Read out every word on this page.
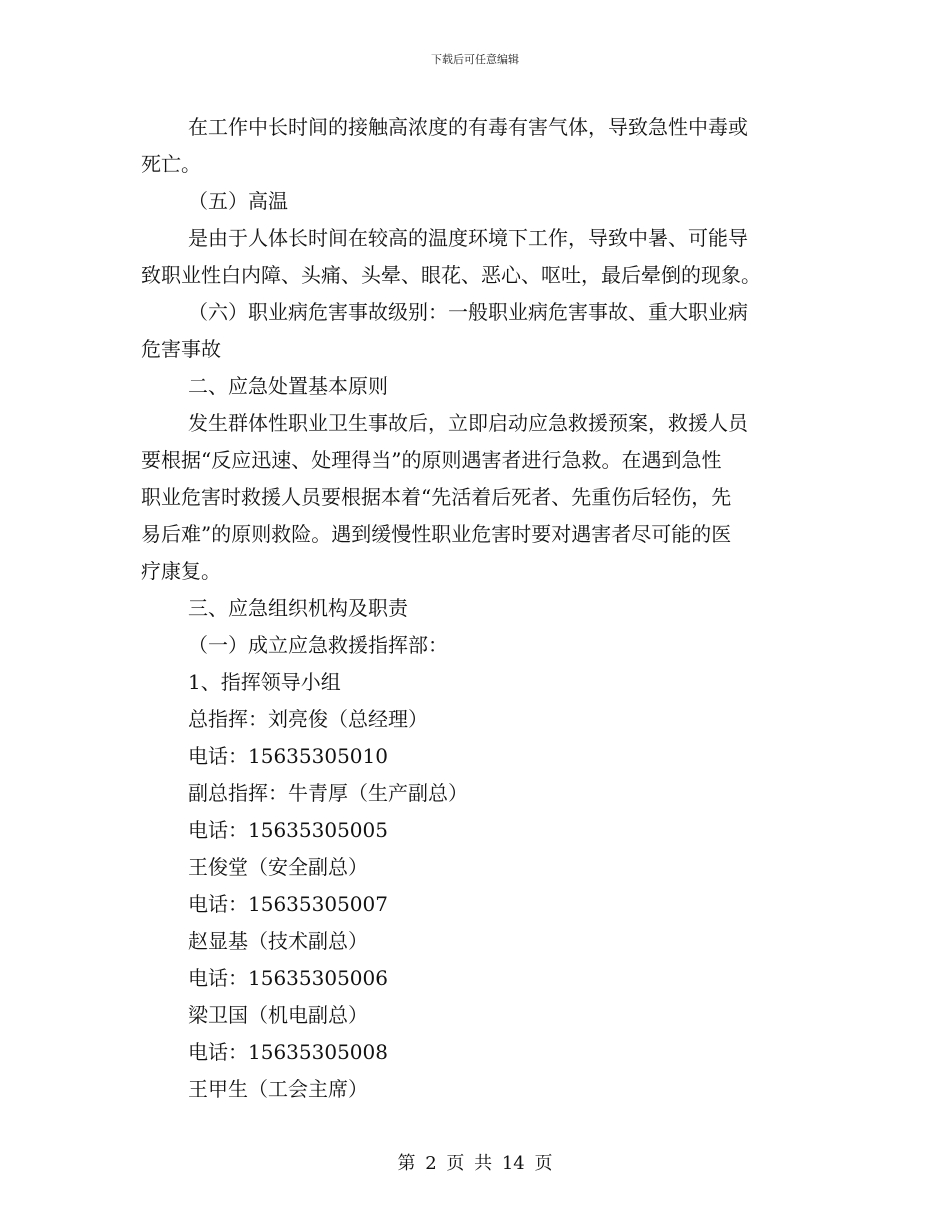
下载后可任意编辑
在工作中长时间的接触高浓度的有毒有害气体，导致急性中毒或
死亡。
（五）高温
是由于人体长时间在较高的温度环境下工作，导致中暑、可能导
致职业性白内障、头痛、头晕、眼花、恶心、呕吐，最后晕倒的现象。
（六）职业病危害事故级别：一般职业病危害事故、重大职业病
危害事故
二、应急处置基本原则
发生群体性职业卫生事故后，立即启动应急救援预案，救援人员
要根据“反应迅速、处理得当”的原则遇害者进行急救。在遇到急性
职业危害时救援人员要根据本着“先活着后死者、先重伤后轻伤，先
易后难”的原则救险。遇到缓慢性职业危害时要对遇害者尽可能的医
疗康复。
三、应急组织机构及职责
（一）成立应急救援指挥部：
1、指挥领导小组
总指挥：刘亮俊（总经理）
电话：15635305010
副总指挥：牛青厚（生产副总）
电话：15635305005
王俊堂（安全副总）
电话：15635305007
赵显基（技术副总）
电话：15635305006
梁卫国（机电副总）
电话：15635305008
王甲生（工会主席）
第 2 页 共 14 页
